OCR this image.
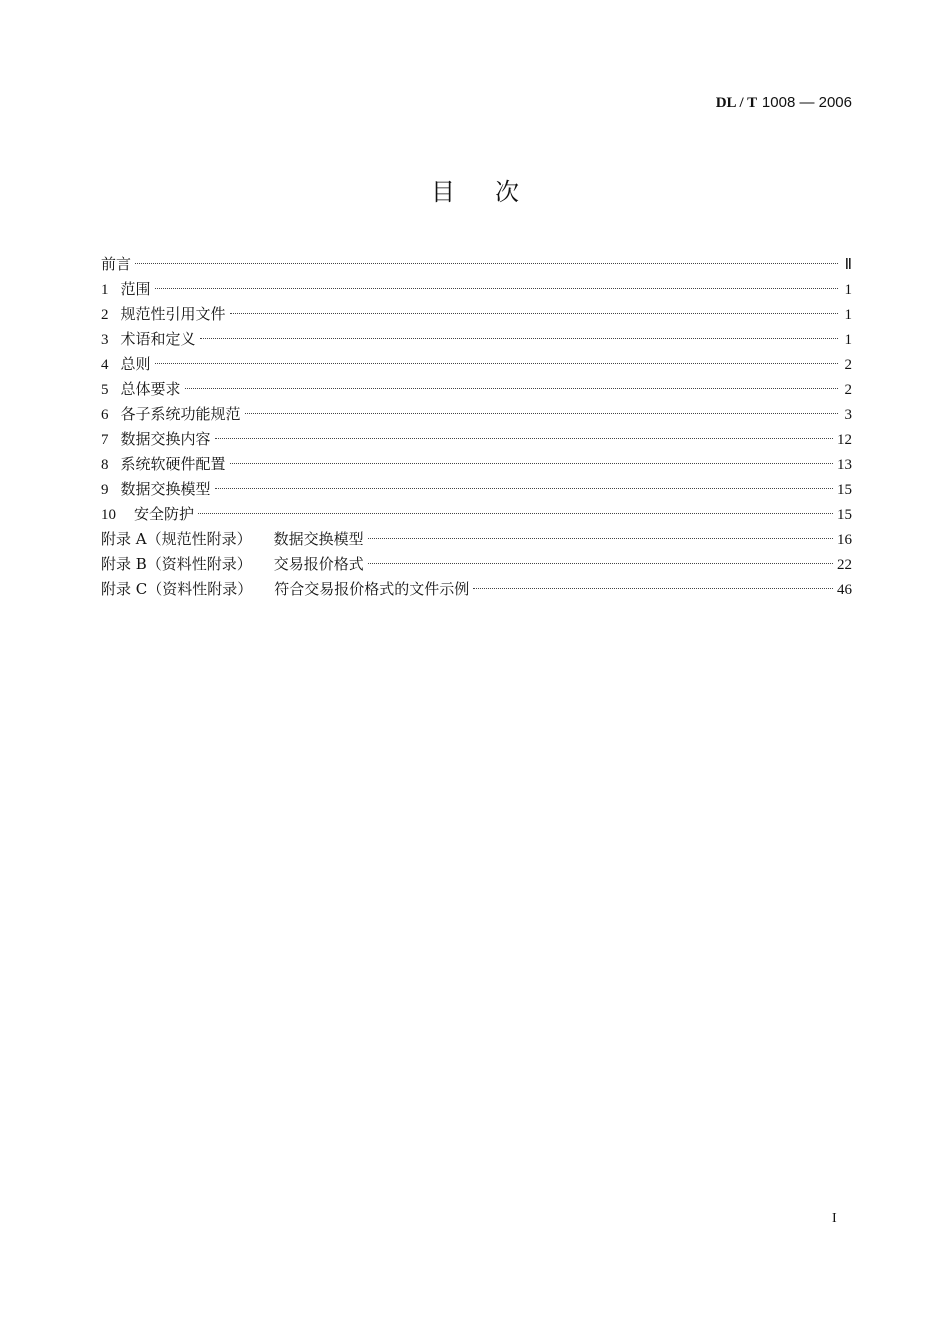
DL / T 1008 — 2006
目次
前言	Ⅱ
1 范围	1
2 规范性引用文件	1
3 术语和定义	1
4 总则	2
5 总体要求	2
6 各子系统功能规范	3
7 数据交换内容	12
8 系统软硬件配置	13
9 数据交换模型	15
10 安全防护	15
附录 A（规范性附录） 数据交换模型	16
附录 B（资料性附录） 交易报价格式	22
附录 C（资料性附录） 符合交易报价格式的文件示例	46
I
